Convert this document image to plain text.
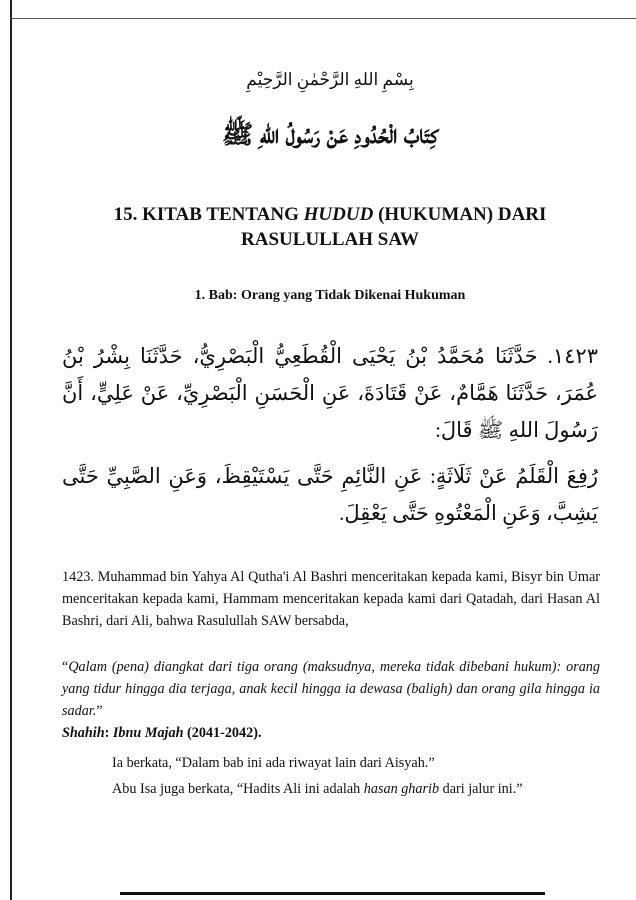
بِسْمِ اللهِ الرَّحْمٰنِ الرَّحِيْمِ
كِتَابُ الْحُدُودِ عَنْ رَسُولُ اللهِ ﷺ
15. KITAB TENTANG HUDUD (HUKUMAN) DARI
RASULULLAH SAW
1. Bab: Orang yang Tidak Dikenai Hukuman
١٤٢٣. حَدَّثَنَا مُحَمَّدُ بْنُ يَحْيَى الْقُطَعِيُّ الْبَصْرِيُّ، حَدَّثَنَا بِشْرُ بْنُ عُمَرَ، حَدَّثَنَا هَمَّامٌ، عَنْ قَتَادَةَ، عَنِ الْحَسَنِ الْبَصْرِيِّ، عَنْ عَلِيٍّ، أَنَّ رَسُولَ اللهِ ﷺ قَالَ:
رُفِعَ الْقَلَمُ عَنْ ثَلَاثَةٍ: عَنِ النَّائِمِ حَتَّى يَسْتَيْقِظَ، وَعَنِ الصَّبِيِّ حَتَّى يَشِبَّ، وَعَنِ الْمَعْتُوهِ حَتَّى يَعْقِلَ.
1423. Muhammad bin Yahya Al Qutha'i Al Bashri menceritakan kepada kami, Bisyr bin Umar menceritakan kepada kami, Hammam menceritakan kepada kami dari Qatadah, dari Hasan Al Bashri, dari Ali, bahwa Rasulullah SAW bersabda,
“Qalam (pena) diangkat dari tiga orang (maksudnya, mereka tidak dibebani hukum): orang yang tidur hingga dia terjaga, anak kecil hingga ia dewasa (baligh) dan orang gila hingga ia sadar.”
Shahih: Ibnu Majah (2041-2042).
Ia berkata, “Dalam bab ini ada riwayat lain dari Aisyah.”
Abu Isa juga berkata, “Hadits Ali ini adalah hasan gharib dari jalur ini.”
